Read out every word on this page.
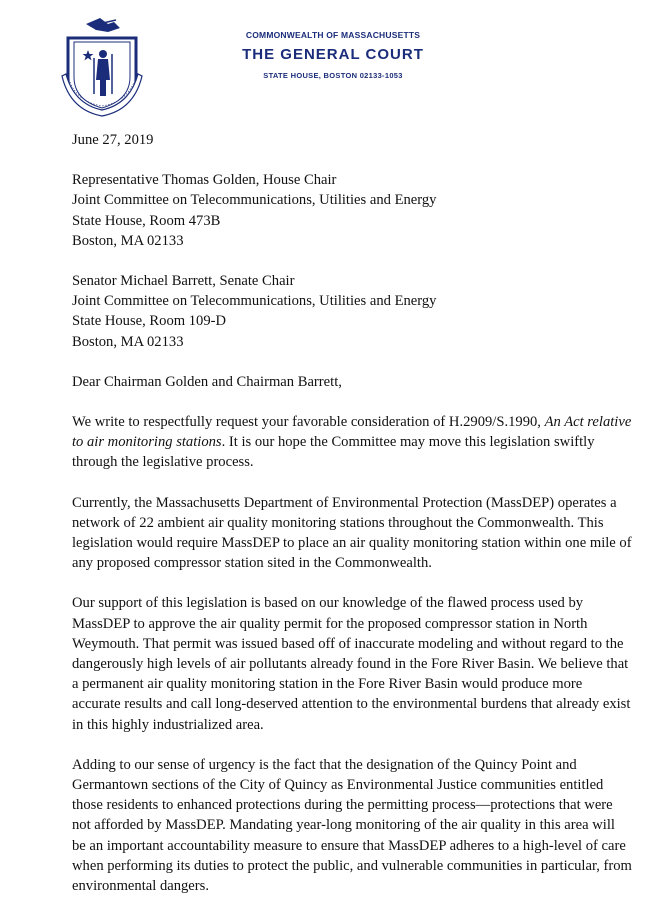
COMMONWEALTH OF MASSACHUSETTS
THE GENERAL COURT
STATE HOUSE, BOSTON 02133-1053

June 27, 2019

Representative Thomas Golden, House Chair
Joint Committee on Telecommunications, Utilities and Energy
State House, Room 473B
Boston, MA 02133
Senator Michael Barrett, Senate Chair
Joint Committee on Telecommunications, Utilities and Energy
State House, Room 109-D
Boston, MA 02133

Dear Chairman Golden and Chairman Barrett,

We write to respectfully request your favorable consideration of H.2909/S.1990, An Act relative to air monitoring stations. It is our hope the Committee may move this legislation swiftly through the legislative process.

Currently, the Massachusetts Department of Environmental Protection (MassDEP) operates a network of 22 ambient air quality monitoring stations throughout the Commonwealth. This legislation would require MassDEP to place an air quality monitoring station within one mile of any proposed compressor station sited in the Commonwealth.

Our support of this legislation is based on our knowledge of the flawed process used by MassDEP to approve the air quality permit for the proposed compressor station in North Weymouth. That permit was issued based off of inaccurate modeling and without regard to the dangerously high levels of air pollutants already found in the Fore River Basin. We believe that a permanent air quality monitoring station in the Fore River Basin would produce more accurate results and call long-deserved attention to the environmental burdens that already exist in this highly industrialized area.

Adding to our sense of urgency is the fact that the designation of the Quincy Point and Germantown sections of the City of Quincy as Environmental Justice communities entitled those residents to enhanced protections during the permitting process—protections that were not afforded by MassDEP. Mandating year-long monitoring of the air quality in this area will be an important accountability measure to ensure that MassDEP adheres to a high-level of care when performing its duties to protect the public, and vulnerable communities in particular, from environmental dangers.
